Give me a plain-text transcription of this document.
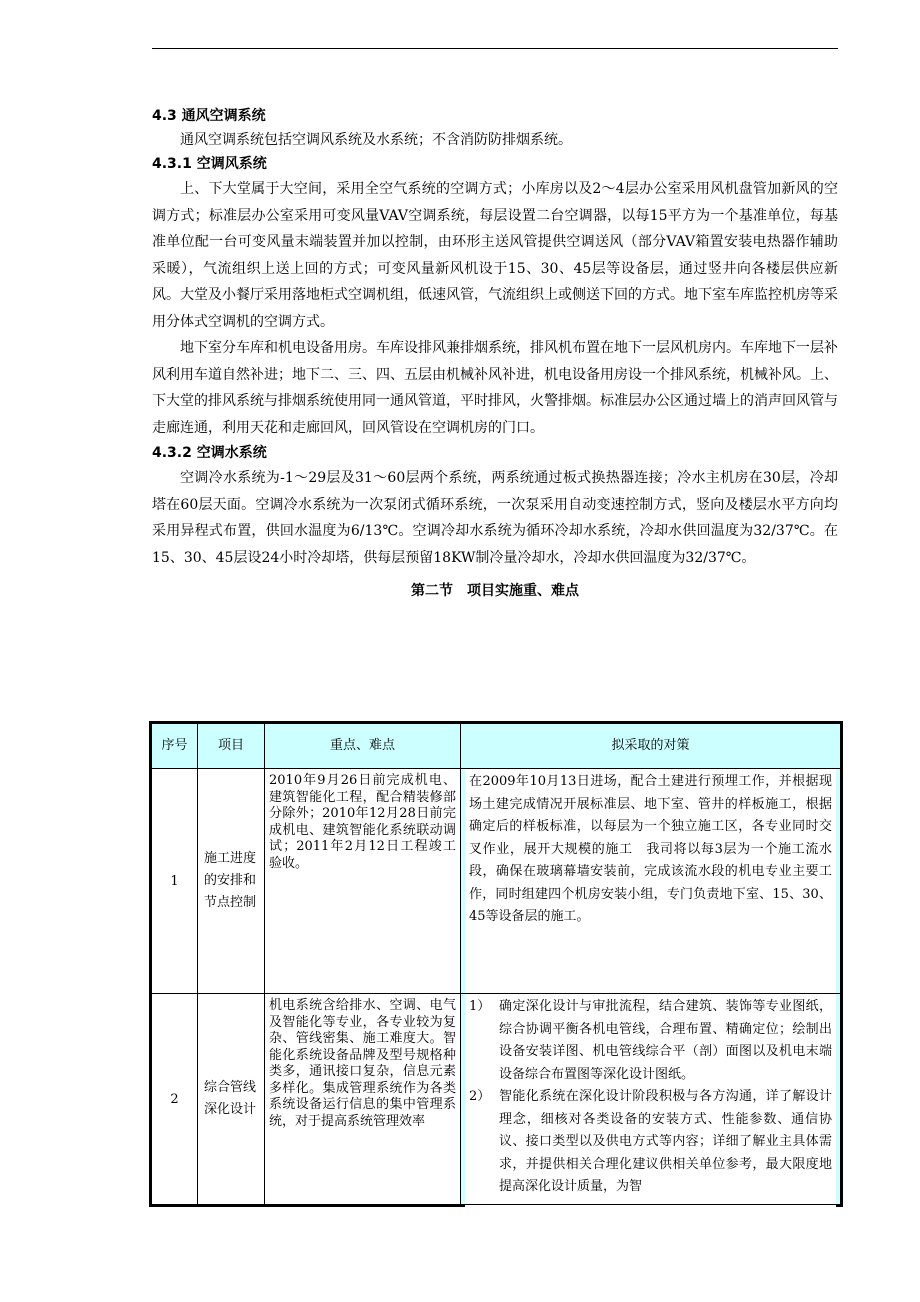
4.3 通风空调系统

通风空调系统包括空调风系统及水系统；不含消防防排烟系统。

4.3.1 空调风系统

上、下大堂属于大空间，采用全空气系统的空调方式；小库房以及2～4层办公室采用风机盘管加新风的空调方式；标准层办公室采用可变风量VAV空调系统，每层设置二台空调器，以每15平方为一个基准单位，每基准单位配一台可变风量末端装置并加以控制，由环形主送风管提供空调送风（部分VAV箱置安装电热器作辅助采暖），气流组织上送上回的方式；可变风量新风机设于15、30、45层等设备层，通过竖井向各楼层供应新风。大堂及小餐厅采用落地柜式空调机组，低速风管，气流组织上或侧送下回的方式。地下室车库监控机房等采用分体式空调机的空调方式。

地下室分车库和机电设备用房。车库设排风兼排烟系统，排风机布置在地下一层风机房内。车库地下一层补风利用车道自然补进；地下二、三、四、五层由机械补风补进，机电设备用房设一个排风系统，机械补风。上、下大堂的排风系统与排烟系统使用同一通风管道，平时排风，火警排烟。标准层办公区通过墙上的消声回风管与走廊连通，利用天花和走廊回风，回风管设在空调机房的门口。

4.3.2 空调水系统

空调冷水系统为-1～29层及31～60层两个系统，两系统通过板式换热器连接；冷水主机房在30层，冷却塔在60层天面。空调冷水系统为一次泵闭式循环系统，一次泵采用自动变速控制方式，竖向及楼层水平方向均采用异程式布置，供回水温度为6/13℃。空调冷却水系统为循环冷却水系统，冷却水供回温度为32/37℃。在15、30、45层设24小时冷却塔，供每层预留18KW制冷量冷却水，冷却水供回温度为32/37℃。

第二节　项目实施重、难点

序号	项目	重点、难点	拟采取的对策
1	施工进度的安排和节点控制	2010年9月26日前完成机电、建筑智能化工程，配合精装修部分除外；2010年12月28日前完成机电、建筑智能化系统联动调试；2011年2月12日工程竣工验收。	在2009年10月13日进场，配合土建进行预埋工作，并根据现场土建完成情况开展标准层、地下室、管井的样板施工，根据确定后的样板标准，以每层为一个独立施工区，各专业同时交叉作业，展开大规模的施工　我司将以每3层为一个施工流水段，确保在玻璃幕墙安装前，完成该流水段的机电专业主要工作，同时组建四个机房安装小组，专门负责地下室、15、30、45等设备层的施工。

2	综合管线深化设计	机电系统含给排水、空调、电气及智能化等专业，各专业较为复杂、管线密集、施工难度大。智能化系统设备品牌及型号规格种类多，通讯接口复杂，信息元素多样化。集成管理系统作为各类系统设备运行信息的集中管理系统，对于提高系统管理效率	1） 确定深化设计与审批流程，结合建筑、装饰等专业图纸，综合协调平衡各机电管线，合理布置、精确定位；绘制出设备安装详图、机电管线综合平（剖）面图以及机电末端设备综合布置图等深化设计图纸。
2） 智能化系统在深化设计阶段积极与各方沟通，详了解设计理念，细核对各类设备的安装方式、性能参数、通信协议、接口类型以及供电方式等内容；详细了解业主具体需求，并提供相关合理化建议供相关单位参考，最大限度地提高深化设计质量，为智
